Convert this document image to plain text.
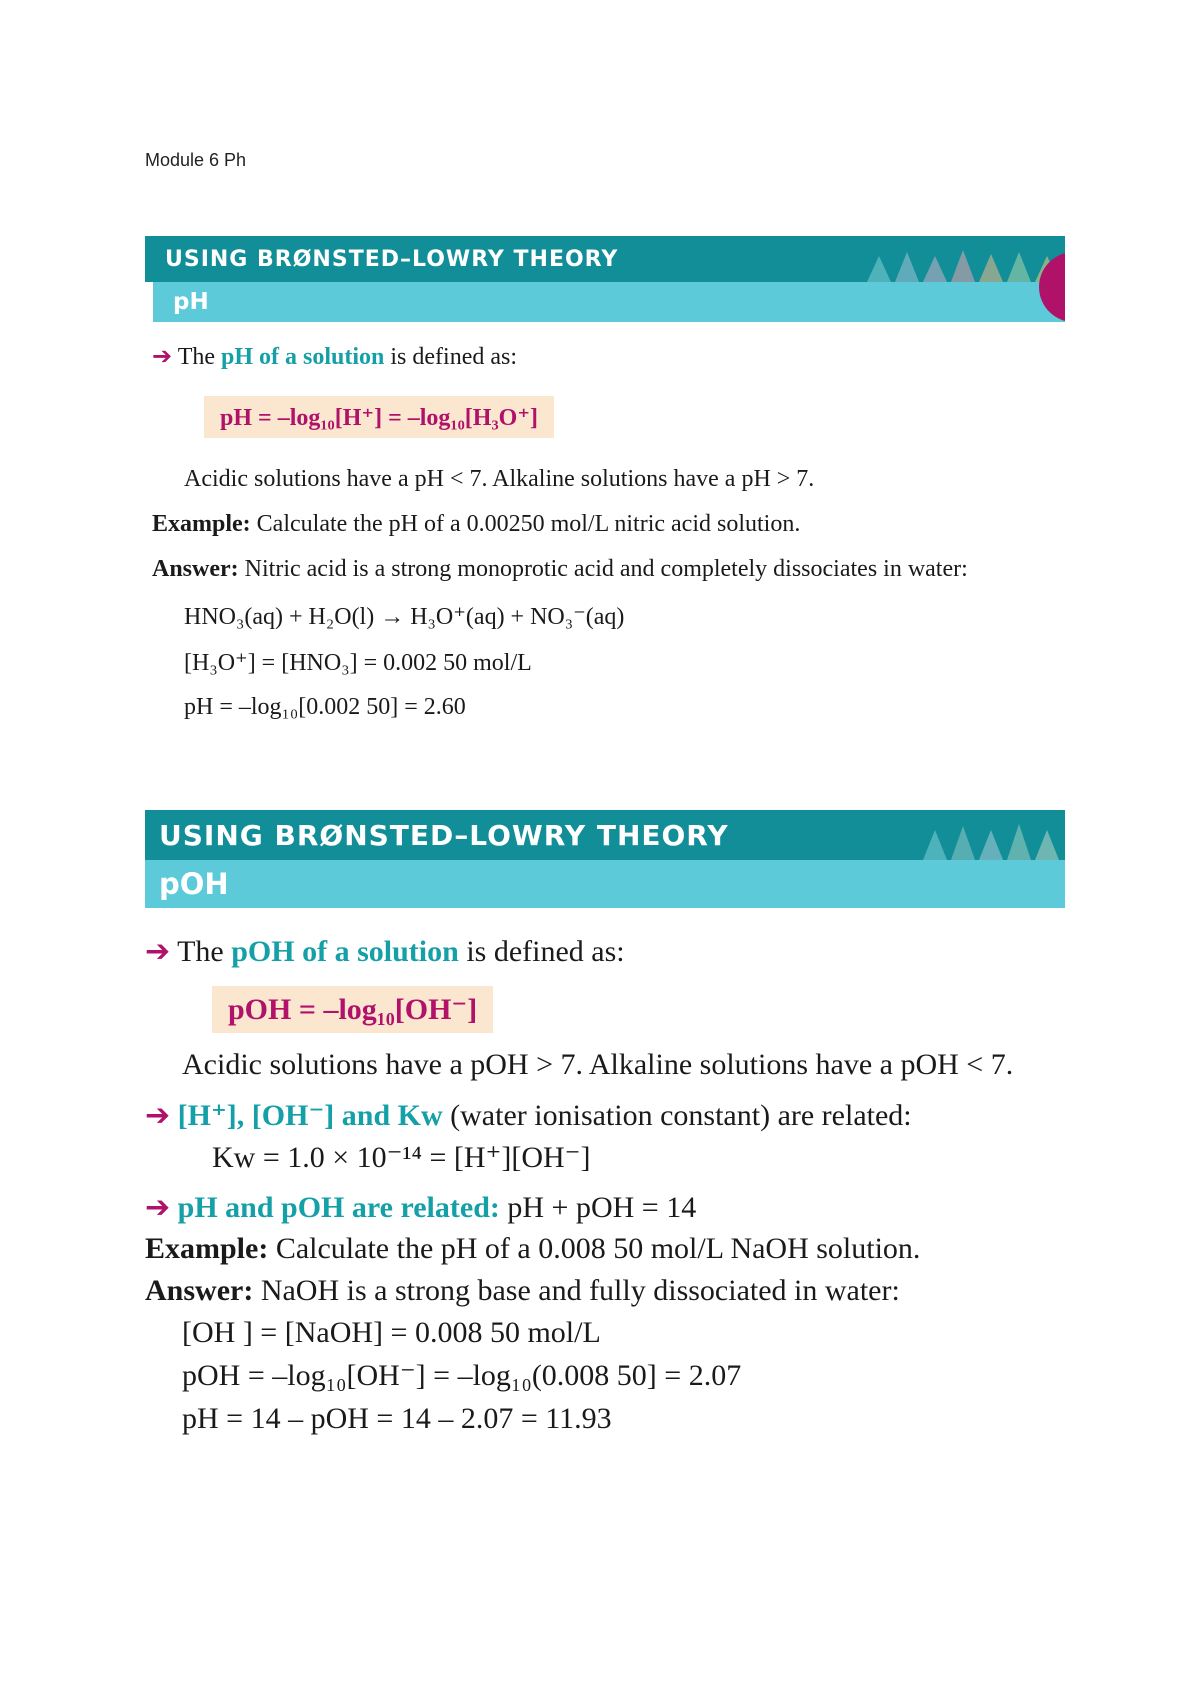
Module 6 Ph
USING BRØNSTED–LOWRY THEORY
pH
➔ The pH of a solution is defined as:
pH = –log₁₀[H⁺] = –log₁₀[H₃O⁺]
Acidic solutions have a pH < 7. Alkaline solutions have a pH > 7.
Example: Calculate the pH of a 0.00250 mol/L nitric acid solution.
Answer: Nitric acid is a strong monoprotic acid and completely dissociates in water:
HNO₃(aq) + H₂O(l) → H₃O⁺(aq) + NO₃⁻(aq)
[H₃O⁺] = [HNO₃] = 0.002 50 mol/L
pH = –log₁₀[0.002 50] = 2.60
USING BRØNSTED–LOWRY THEORY
pOH
➔ The pOH of a solution is defined as:
pOH = –log₁₀[OH⁻]
Acidic solutions have a pOH > 7. Alkaline solutions have a pOH < 7.
➔ [H⁺], [OH⁻] and Kw (water ionisation constant) are related:
Kw = 1.0 × 10⁻¹⁴ = [H⁺][OH⁻]
➔ pH and pOH are related: pH + pOH = 14
Example: Calculate the pH of a 0.008 50 mol/L NaOH solution.
Answer: NaOH is a strong base and fully dissociated in water:
[OH ] = [NaOH] = 0.008 50 mol/L
pOH = –log₁₀[OH⁻] = –log₁₀(0.008 50] = 2.07
pH = 14 – pOH = 14 – 2.07 = 11.93
